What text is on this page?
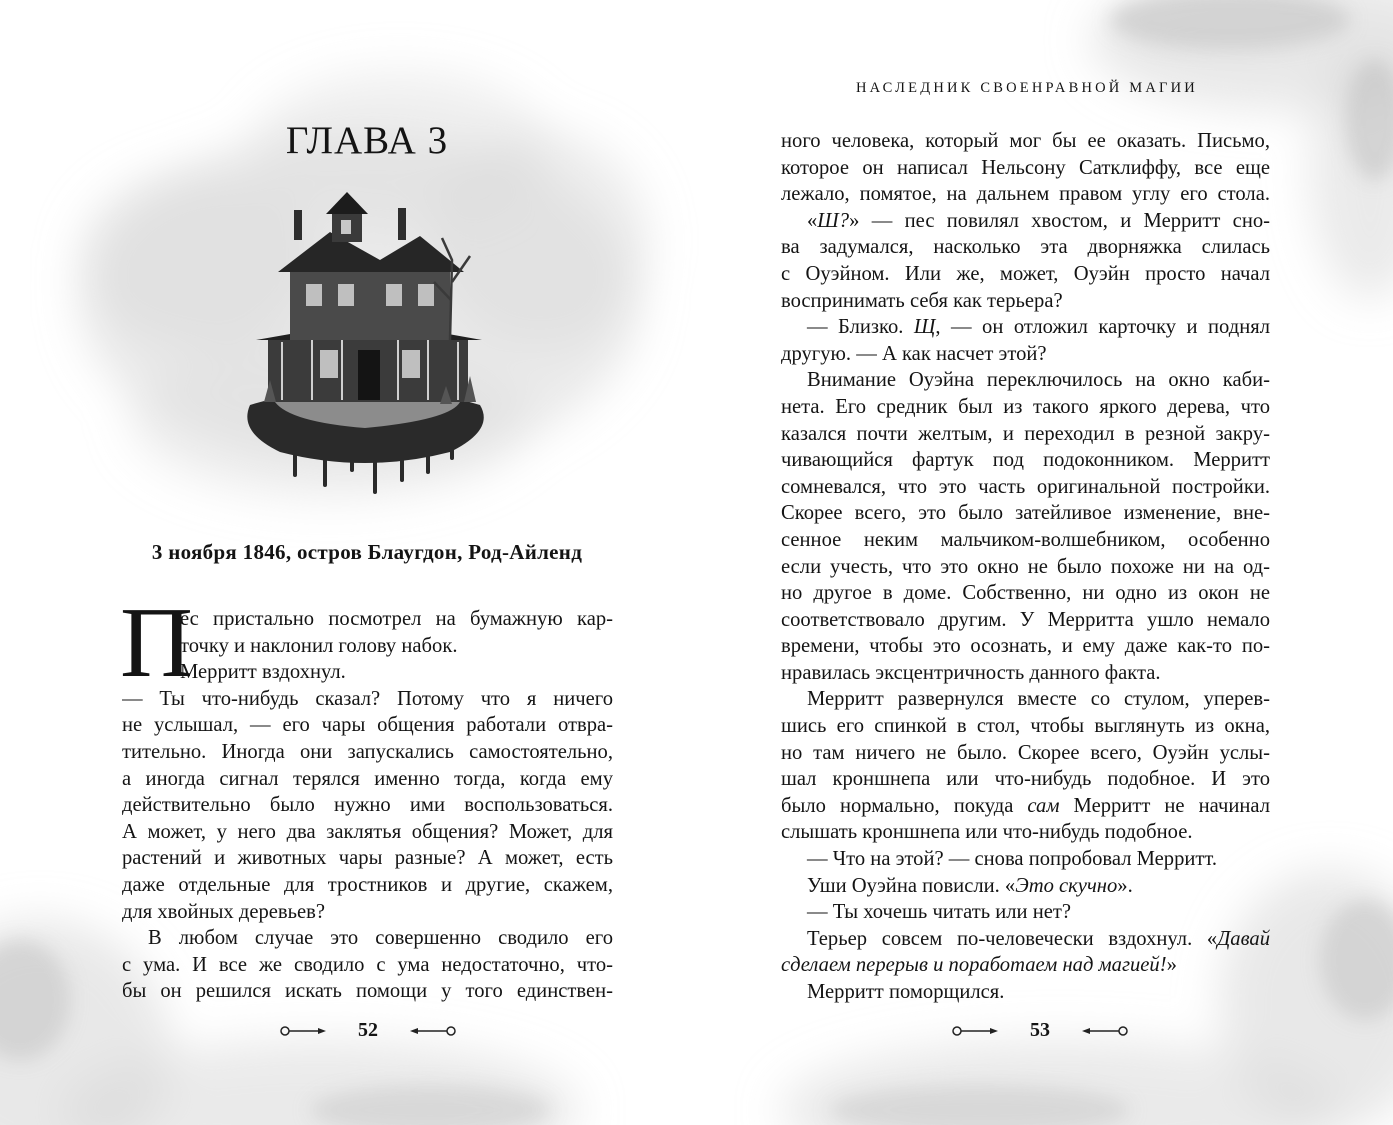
ГЛАВА 3

3 ноября 1846, остров Блаугдон, Род-Айленд

П
ес пристально посмотрел на бумажную кар-
точку и наклонил голову набок.
Мерритт вздохнул.
— Ты что-нибудь сказал? Потому что я ничего
не услышал, — его чары общения работали отвра-
тительно. Иногда они запускались самостоятельно,
а иногда сигнал терялся именно тогда, когда ему
действительно было нужно ими воспользоваться.
А может, у него два заклятья общения? Может, для
растений и животных чары разные? А может, есть
даже отдельные для тростников и другие, скажем,
для хвойных деревьев?
В любом случае это совершенно сводило его
с ума. И все же сводило с ума недостаточно, что-
бы он решился искать помощи у того единствен-
52

НАСЛЕДНИК СВОЕНРАВНОЙ МАГИИ

ного человека, который мог бы ее оказать. Письмо,
которое он написал Нельсону Сатклиффу, все еще
лежало, помятое, на дальнем правом углу его стола.
«Ш?» — пес повилял хвостом, и Мерритт сно-
ва задумался, насколько эта дворняжка слилась
с Оуэйном. Или же, может, Оуэйн просто начал
воспринимать себя как терьера?
— Близко. Щ, — он отложил карточку и поднял
другую. — А как насчет этой?
Внимание Оуэйна переключилось на окно каби-
нета. Его средник был из такого яркого дерева, что
казался почти желтым, и переходил в резной закру-
чивающийся фартук под подоконником. Мерритт
сомневался, что это часть оригинальной постройки.
Скорее всего, это было затейливое изменение, вне-
сенное неким мальчиком-волшебником, особенно
если учесть, что это окно не было похоже ни на од-
но другое в доме. Собственно, ни одно из окон не
соответствовало другим. У Мерритта ушло немало
времени, чтобы это осознать, и ему даже как-то по-
нравилась эксцентричность данного факта.
Мерритт развернулся вместе со стулом, уперев-
шись его спинкой в стол, чтобы выглянуть из окна,
но там ничего не было. Скорее всего, Оуэйн услы-
шал кроншнепа или что-нибудь подобное. И это
было нормально, покуда сам Мерритт не начинал
слышать кроншнепа или что-нибудь подобное.
— Что на этой? — снова попробовал Мерритт.
Уши Оуэйна повисли. «Это скучно».
— Ты хочешь читать или нет?
Терьер совсем по-человечески вздохнул. «Давай
сделаем перерыв и поработаем над магией!»
Мерритт поморщился.
53
